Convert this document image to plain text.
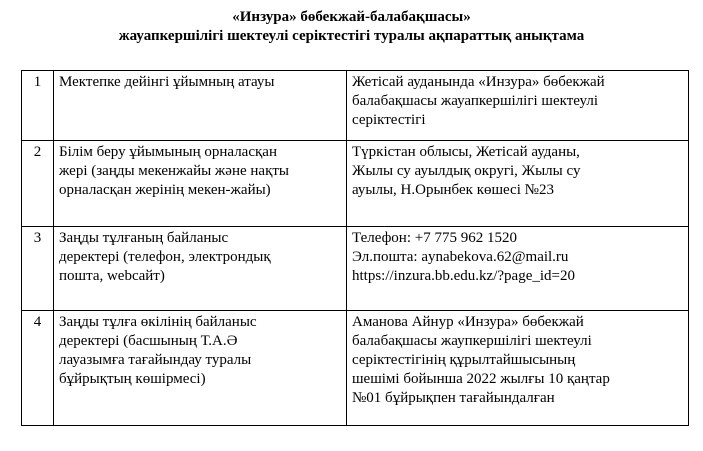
«Инзура» бөбекжай-балабақшасы»
жауапкершілігі шектеулі серіктестігі туралы ақпараттық анықтама
1	Мектепке дейінгі ұйымның атауы	Жетісай ауданында «Инзура» бөбекжай
балабақшасы жауапкершілігі шектеулі
серіктестігі

2	Білім беру ұйымының орналасқан
жері (заңды мекенжайы және нақты
орналасқан жерінің мекен-жайы)	Түркістан облысы, Жетісай ауданы,
Жылы су ауылдық округі, Жылы су
ауылы, Н.Орынбек көшесі №23

3	Заңды тұлғаның байланыс
деректері (телефон, электрондық
пошта, webcайт)	Телефон: +7 775 962 1520
Эл.пошта: aynabekova.62@mail.ru
https://inzura.bb.edu.kz/?page_id=20

4	Заңды тұлға өкілінің байланыс
деректері (басшының Т.А.Ә
лауазымға тағайындау туралы
бұйрықтың көшірмесі)	Аманова Айнур «Инзура» бөбекжай
балабақшасы жаупкершілігі шектеулі
серіктестігінің құрылтайшысының
шешімі бойынша 2022 жылғы 10 қаңтар
№01 бұйрықпен тағайындалған
